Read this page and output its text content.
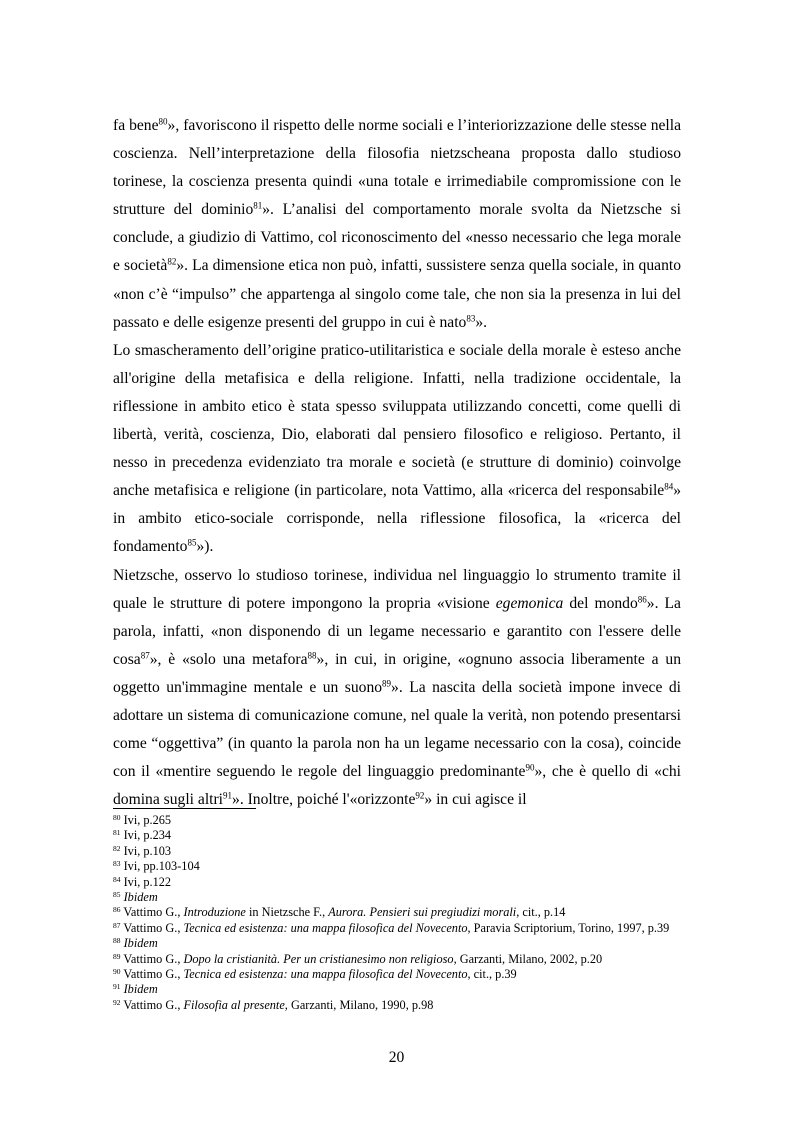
fa bene$^{80}$», favoriscono il rispetto delle norme sociali e l’interiorizzazione delle stesse nella coscienza. Nell’interpretazione della filosofia nietzscheana proposta dallo studioso torinese, la coscienza presenta quindi «una totale e irrimediabile compromissione con le strutture del dominio$^{81}$». L’analisi del comportamento morale svolta da Nietzsche si conclude, a giudizio di Vattimo, col riconoscimento del «nesso necessario che lega morale e società$^{82}$». La dimensione etica non può, infatti, sussistere senza quella sociale, in quanto «non c’è “impulso” che appartenga al singolo come tale, che non sia la presenza in lui del passato e delle esigenze presenti del gruppo in cui è nato$^{83}$».

Lo smascheramento dell’origine pratico-utilitaristica e sociale della morale è esteso anche all'origine della metafisica e della religione. Infatti, nella tradizione occidentale, la riflessione in ambito etico è stata spesso sviluppata utilizzando concetti, come quelli di libertà, verità, coscienza, Dio, elaborati dal pensiero filosofico e religioso. Pertanto, il nesso in precedenza evidenziato tra morale e società (e strutture di dominio) coinvolge anche metafisica e religione (in particolare, nota Vattimo, alla «ricerca del responsabile$^{84}$» in ambito etico-sociale corrisponde, nella riflessione filosofica, la «ricerca del fondamento$^{85}$»).

Nietzsche, osservo lo studioso torinese, individua nel linguaggio lo strumento tramite il quale le strutture di potere impongono la propria «visione egemonica del mondo$^{86}$». La parola, infatti, «non disponendo di un legame necessario e garantito con l'essere delle cosa$^{87}$», è «solo una metafora$^{88}$», in cui, in origine, «ognuno associa liberamente a un oggetto un'immagine mentale e un suono$^{89}$». La nascita della società impone invece di adottare un sistema di comunicazione comune, nel quale la verità, non potendo presentarsi come “oggettiva” (in quanto la parola non ha un legame necessario con la cosa), coincide con il «mentire seguendo le regole del linguaggio predominante$^{90}$», che è quello di «chi domina sugli altri$^{91}$». Inoltre, poiché l'«orizzonte$^{92}$» in cui agisce il

$^{80}$ Ivi, p.265
$^{81}$ Ivi, p.234
$^{82}$ Ivi, p.103
$^{83}$ Ivi, pp.103-104
$^{84}$ Ivi, p.122
$^{85}$ Ibidem
$^{86}$ Vattimo G., Introduzione in Nietzsche F., Aurora. Pensieri sui pregiudizi morali, cit., p.14
$^{87}$ Vattimo G., Tecnica ed esistenza: una mappa filosofica del Novecento, Paravia Scriptorium, Torino, 1997, p.39
$^{88}$ Ibidem
$^{89}$ Vattimo G., Dopo la cristianità. Per un cristianesimo non religioso, Garzanti, Milano, 2002, p.20
$^{90}$ Vattimo G., Tecnica ed esistenza: una mappa filosofica del Novecento, cit., p.39
$^{91}$ Ibidem
$^{92}$ Vattimo G., Filosofia al presente, Garzanti, Milano, 1990, p.98
20
